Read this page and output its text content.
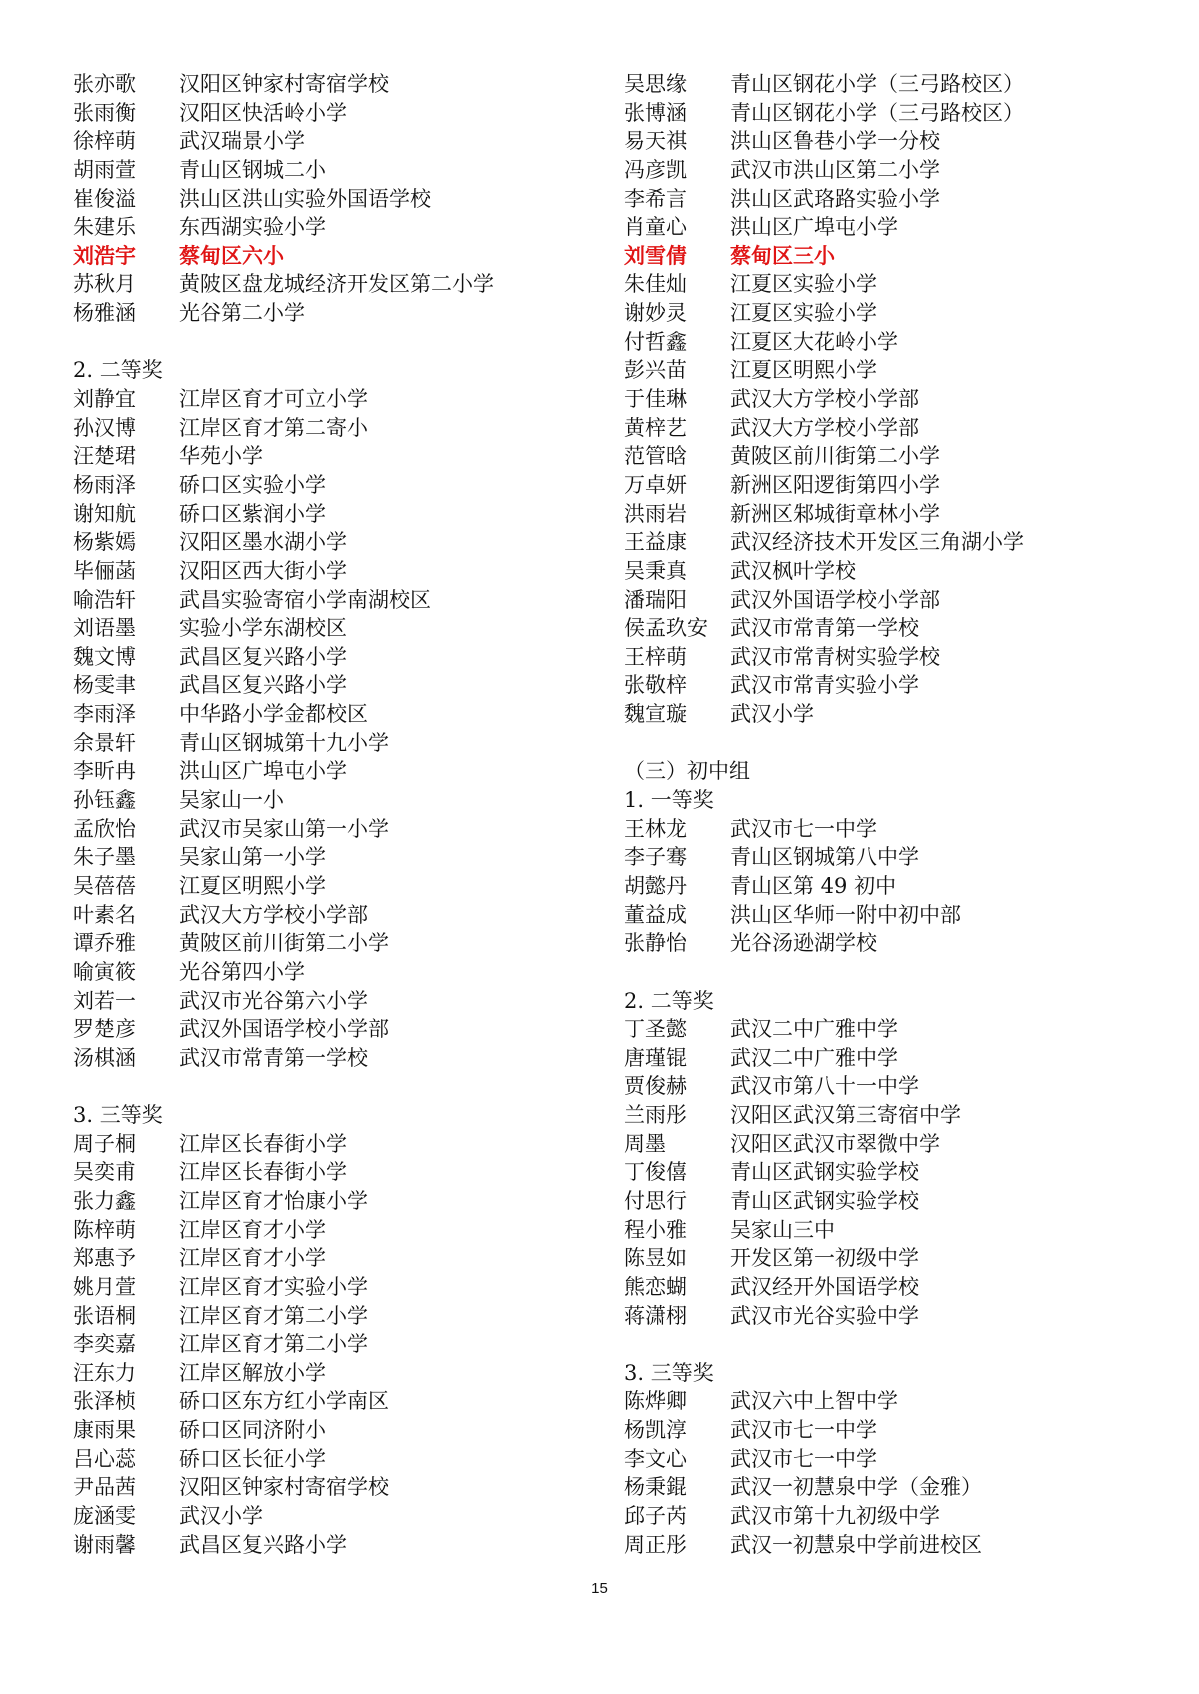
张亦歌	汉阳区钟家村寄宿学校
张雨衡	汉阳区快活岭小学
徐梓萌	武汉瑞景小学
胡雨萱	青山区钢城二小
崔俊溢	洪山区洪山实验外国语学校
朱建乐	东西湖实验小学
刘浩宇	蔡甸区六小
苏秋月	黄陂区盘龙城经济开发区第二小学
杨雅涵	光谷第二小学
2. 二等奖
刘静宜	江岸区育才可立小学
孙汉博	江岸区育才第二寄小
汪楚珺	华苑小学
杨雨泽	硚口区实验小学
谢知航	硚口区紫润小学
杨紫嫣	汉阳区墨水湖小学
毕俪菡	汉阳区西大街小学
喻浩轩	武昌实验寄宿小学南湖校区
刘语墨	实验小学东湖校区
魏文博	武昌区复兴路小学
杨雯聿	武昌区复兴路小学
李雨泽	中华路小学金都校区
余景轩	青山区钢城第十九小学
李昕冉	洪山区广埠屯小学
孙钰鑫	吴家山一小
孟欣怡	武汉市吴家山第一小学
朱子墨	吴家山第一小学
吴蓓蓓	江夏区明熙小学
叶素名	武汉大方学校小学部
谭乔雅	黄陂区前川街第二小学
喻寅筱	光谷第四小学
刘若一	武汉市光谷第六小学
罗楚彦	武汉外国语学校小学部
汤棋涵	武汉市常青第一学校
3. 三等奖
周子桐	江岸区长春街小学
吴奕甫	江岸区长春街小学
张力鑫	江岸区育才怡康小学
陈梓萌	江岸区育才小学
郑惠予	江岸区育才小学
姚月萱	江岸区育才实验小学
张语桐	江岸区育才第二小学
李奕嘉	江岸区育才第二小学
汪东力	江岸区解放小学
张泽桢	硚口区东方红小学南区
康雨果	硚口区同济附小
吕心蕊	硚口区长征小学
尹品茜	汉阳区钟家村寄宿学校
庞涵雯	武汉小学
谢雨馨	武昌区复兴路小学
吴思缘	青山区钢花小学（三弓路校区）
张博涵	青山区钢花小学（三弓路校区）
易天祺	洪山区鲁巷小学一分校
冯彦凯	武汉市洪山区第二小学
李希言	洪山区武珞路实验小学
肖童心	洪山区广埠屯小学
刘雪倩	蔡甸区三小
朱佳灿	江夏区实验小学
谢妙灵	江夏区实验小学
付哲鑫	江夏区大花岭小学
彭兴苗	江夏区明熙小学
于佳琳	武汉大方学校小学部
黄梓艺	武汉大方学校小学部
范管晗	黄陂区前川街第二小学
万卓妍	新洲区阳逻街第四小学
洪雨岩	新洲区邾城街章林小学
王益康	武汉经济技术开发区三角湖小学
吴秉真	武汉枫叶学校
潘瑞阳	武汉外国语学校小学部
侯孟玖安	武汉市常青第一学校
王梓萌	武汉市常青树实验学校
张敬梓	武汉市常青实验小学
魏宣璇	武汉小学
（三）初中组
1. 一等奖
王林龙	武汉市七一中学
李子骞	青山区钢城第八中学
胡懿丹	青山区第 49 初中
董益成	洪山区华师一附中初中部
张静怡	光谷汤逊湖学校
2. 二等奖
丁圣懿	武汉二中广雅中学
唐瑾锟	武汉二中广雅中学
贾俊赫	武汉市第八十一中学
兰雨彤	汉阳区武汉第三寄宿中学
周墨	汉阳区武汉市翠微中学
丁俊僖	青山区武钢实验学校
付思行	青山区武钢实验学校
程小雅	吴家山三中
陈昱如	开发区第一初级中学
熊恋蝴	武汉经开外国语学校
蒋潇栩	武汉市光谷实验中学
3. 三等奖
陈烨卿	武汉六中上智中学
杨凯淳	武汉市七一中学
李文心	武汉市七一中学
杨秉錕	武汉一初慧泉中学（金雅）
邱子芮	武汉市第十九初级中学
周正彤	武汉一初慧泉中学前进校区
15
